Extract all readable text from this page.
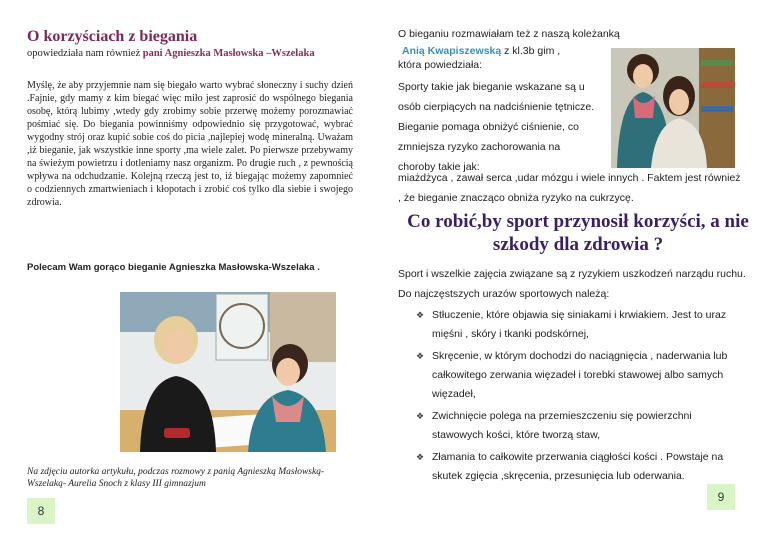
O korzyściach z biegania

opowiedziała nam również pani Agnieszka Masłowska –Wszelaka

Myślę, że aby przyjemnie nam się biegało warto wybrać słoneczny i suchy dzień .Fajnie, gdy mamy z kim biegać więc miło jest zaprosić do wspólnego biegania osobę, którą lubimy ,wtedy gdy zrobimy sobie przerwę możemy porozmawiać pośmiać się. Do biegania powinniśmy odpowiednio się przygotować, wybrać wygodny strój oraz kupić sobie coś do picia ,najlepiej wodę mineralną. Uważam ,iż bieganie, jak wszystkie inne sporty ,ma wiele zalet. Po pierwsze przebywamy na świeżym powietrzu i dotleniamy nasz organizm. Po drugie ruch , z pewnością wpływa na odchudzanie. Kolejną rzeczą jest to, iż biegając możemy zapomnieć o codziennych zmartwieniach i kłopotach i zrobić coś tylko dla siebie i swojego zdrowia.

Polecam Wam gorąco bieganie Agnieszka Masłowska-Wszelaka .

Na zdjęciu autorka artykułu, podczas rozmowy z panią Agnieszką Masłowską-Wszelaką- Aurelia Snoch z klasy III gimnazjum

8

O bieganiu rozmawiałam też z naszą koleżanką

Anią Kwapiszewską z kl.3b gim ,

która powiedziała:

Sporty takie jak bieganie wskazane są u osób cierpiących na nadciśnienie tętnicze. Bieganie pomaga obniżyć ciśnienie, co zmniejsza ryzyko zachorowania na choroby takie jak:

miażdżyca , zawał serca ,udar mózgu i wiele innych . Faktem jest również , że bieganie znacząco obniża ryzyko na cukrzycę.

Co robić,by sport przynosił korzyści, a nie szkody dla zdrowia ?

Sport i wszelkie zajęcia związane są z ryzykiem uszkodzeń narządu ruchu. Do najczęstszych urazów sportowych należą:

❖ Stłuczenie, które objawia się siniakami i krwiakiem. Jest to uraz mięśni , skóry i tkanki podskórnej,
❖ Skręcenie, w którym dochodzi do naciągnięcia , naderwania lub całkowitego zerwania więzadeł i torebki stawowej albo samych więzadeł,
❖ Zwichnięcie polega na przemieszczeniu się powierzchni stawowych kości, które tworzą staw,
❖ Złamania to całkowite przerwania ciągłości kości . Powstaje na skutek zgięcia ,skręcenia, przesunięcia lub oderwania.
9
